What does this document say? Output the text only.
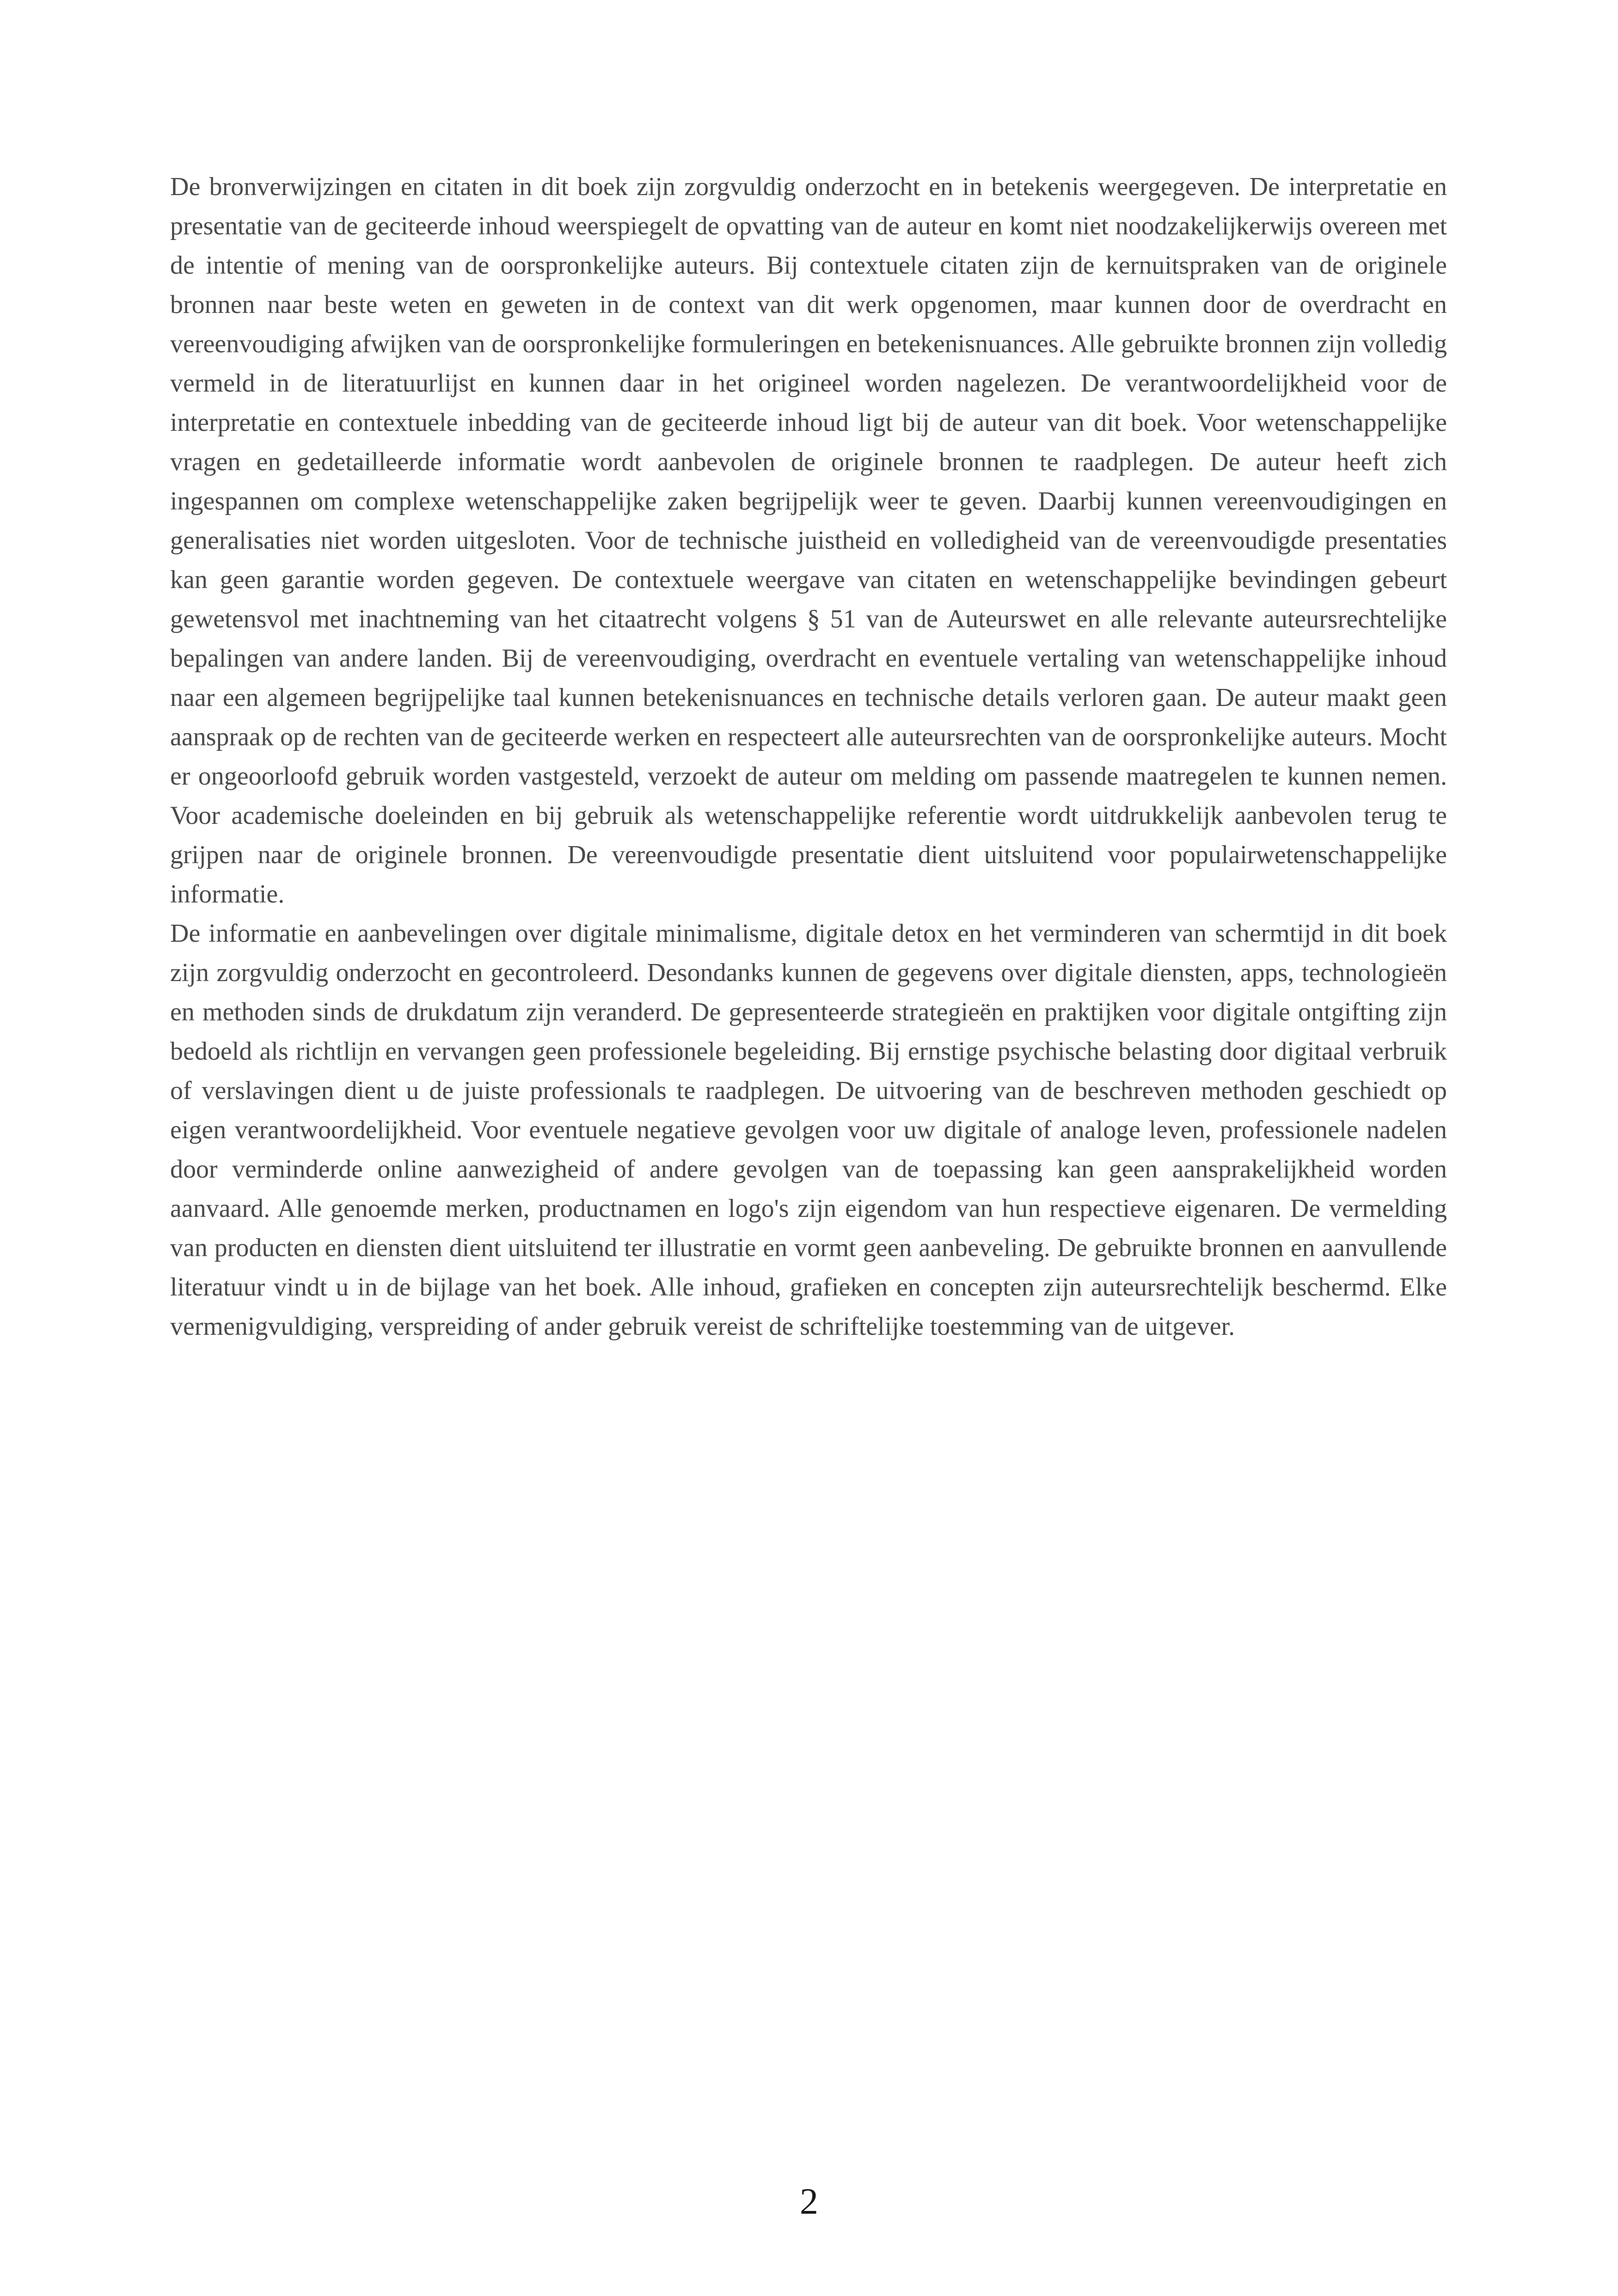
De bronverwijzingen en citaten in dit boek zijn zorgvuldig onderzocht en in betekenis weergegeven. De interpretatie en presentatie van de geciteerde inhoud weerspiegelt de opvatting van de auteur en komt niet noodzakelijkerwijs overeen met de intentie of mening van de oorspronkelijke auteurs. Bij contextuele citaten zijn de kernuitspraken van de originele bronnen naar beste weten en geweten in de context van dit werk opgenomen, maar kunnen door de overdracht en vereenvoudiging afwijken van de oorspronkelijke formuleringen en betekenisnuances. Alle gebruikte bronnen zijn volledig vermeld in de literatuurlijst en kunnen daar in het origineel worden nagelezen. De verantwoordelijkheid voor de interpretatie en contextuele inbedding van de geciteerde inhoud ligt bij de auteur van dit boek. Voor wetenschappelijke vragen en gedetailleerde informatie wordt aanbevolen de originele bronnen te raadplegen. De auteur heeft zich ingespannen om complexe wetenschappelijke zaken begrijpelijk weer te geven. Daarbij kunnen vereenvoudigingen en generalisaties niet worden uitgesloten. Voor de technische juistheid en volledigheid van de vereenvoudigde presentaties kan geen garantie worden gegeven. De contextuele weergave van citaten en wetenschappelijke bevindingen gebeurt gewetensvol met inachtneming van het citaatrecht volgens § 51 van de Auteurswet en alle relevante auteursrechtelijke bepalingen van andere landen. Bij de vereenvoudiging, overdracht en eventuele vertaling van wetenschappelijke inhoud naar een algemeen begrijpelijke taal kunnen betekenisnuances en technische details verloren gaan. De auteur maakt geen aanspraak op de rechten van de geciteerde werken en respecteert alle auteursrechten van de oorspronkelijke auteurs. Mocht er ongeoorloofd gebruik worden vastgesteld, verzoekt de auteur om melding om passende maatregelen te kunnen nemen. Voor academische doeleinden en bij gebruik als wetenschappelijke referentie wordt uitdrukkelijk aanbevolen terug te grijpen naar de originele bronnen. De vereenvoudigde presentatie dient uitsluitend voor populairwetenschappelijke informatie.

De informatie en aanbevelingen over digitale minimalisme, digitale detox en het verminderen van schermtijd in dit boek zijn zorgvuldig onderzocht en gecontroleerd. Desondanks kunnen de gegevens over digitale diensten, apps, technologieën en methoden sinds de drukdatum zijn veranderd. De gepresenteerde strategieën en praktijken voor digitale ontgifting zijn bedoeld als richtlijn en vervangen geen professionele begeleiding. Bij ernstige psychische belasting door digitaal verbruik of verslavingen dient u de juiste professionals te raadplegen. De uitvoering van de beschreven methoden geschiedt op eigen verantwoordelijkheid. Voor eventuele negatieve gevolgen voor uw digitale of analoge leven, professionele nadelen door verminderde online aanwezigheid of andere gevolgen van de toepassing kan geen aansprakelijkheid worden aanvaard. Alle genoemde merken, productnamen en logo's zijn eigendom van hun respectieve eigenaren. De vermelding van producten en diensten dient uitsluitend ter illustratie en vormt geen aanbeveling. De gebruikte bronnen en aanvullende literatuur vindt u in de bijlage van het boek. Alle inhoud, grafieken en concepten zijn auteursrechtelijk beschermd. Elke vermenigvuldiging, verspreiding of ander gebruik vereist de schriftelijke toestemming van de uitgever.

2
